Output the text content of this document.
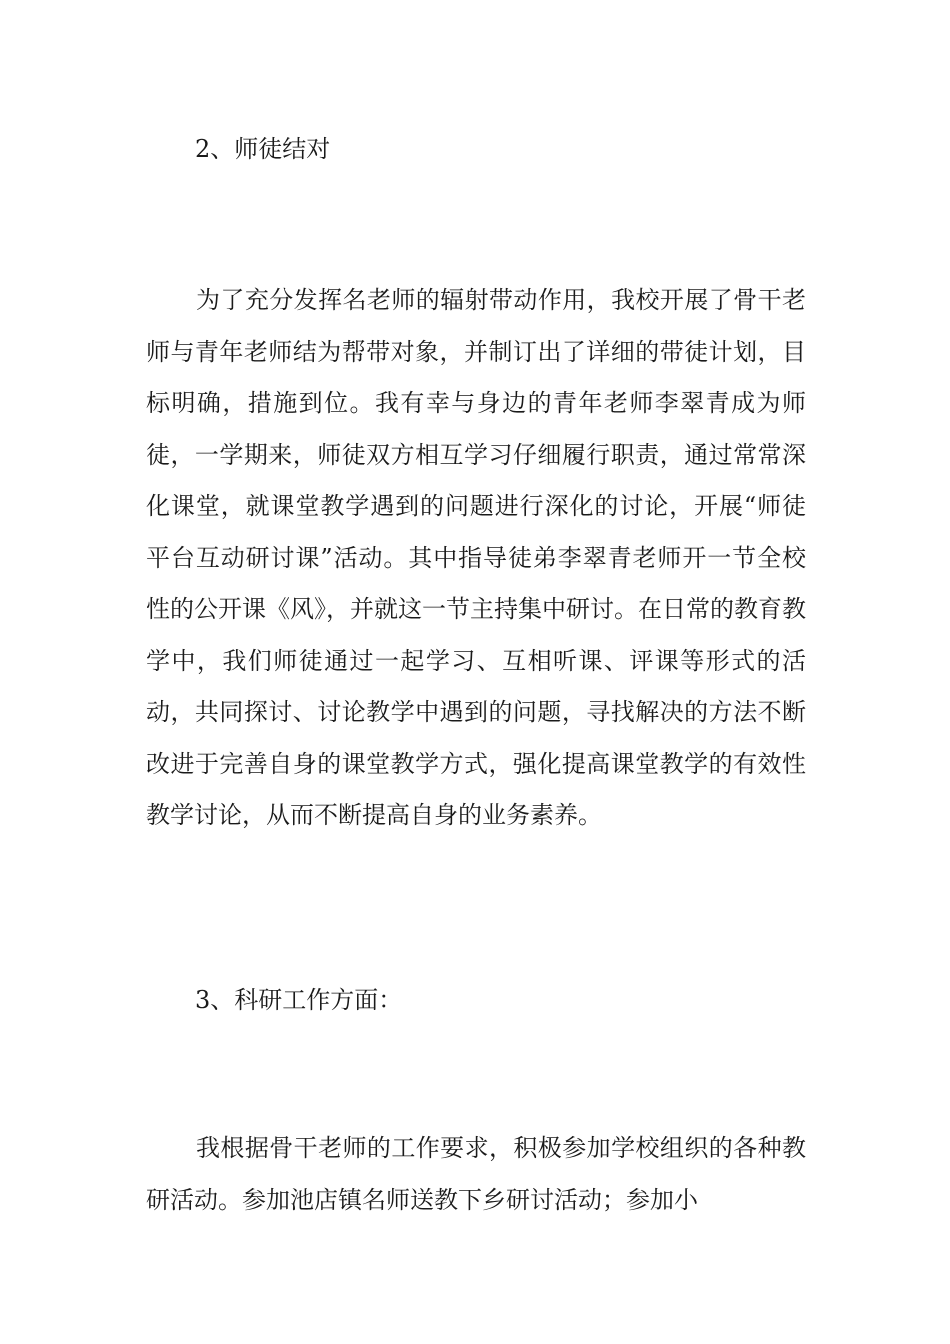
2、师徒结对

为了充分发挥名老师的辐射带动作用，我校开展了骨干老师与青年老师结为帮带对象，并制订出了详细的带徒计划，目标明确，措施到位。我有幸与身边的青年老师李翠青成为师徒，一学期来，师徒双方相互学习仔细履行职责，通过常常深化课堂，就课堂教学遇到的问题进行深化的讨论，开展“师徒平台互动研讨课”活动。其中指导徒弟李翠青老师开一节全校性的公开课《风》，并就这一节主持集中研讨。在日常的教育教学中，我们师徒通过一起学习、互相听课、评课等形式的活动，共同探讨、讨论教学中遇到的问题，寻找解决的方法不断改进于完善自身的课堂教学方式，强化提高课堂教学的有效性教学讨论，从而不断提高自身的业务素养。

3、科研工作方面：

我根据骨干老师的工作要求，积极参加学校组织的各种教研活动。参加池店镇名师送教下乡研讨活动；参加小
